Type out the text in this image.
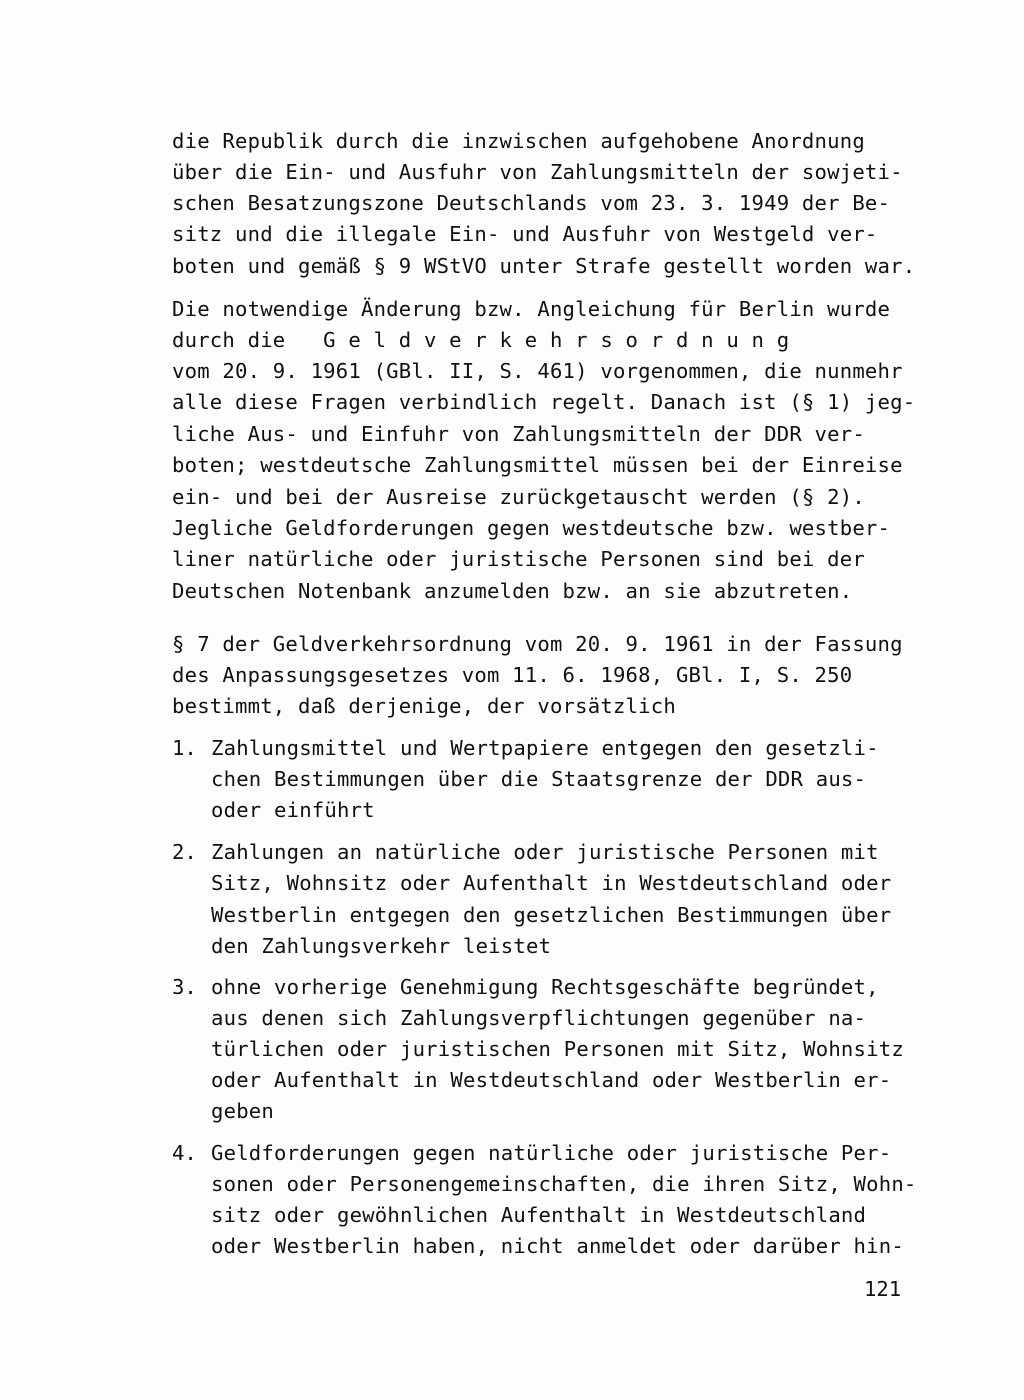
die Republik durch die inzwischen aufgehobene Anordnung
über die Ein- und Ausfuhr von Zahlungsmitteln der sowjeti-
schen Besatzungszone Deutschlands vom 23. 3. 1949 der Be-
sitz und die illegale Ein- und Ausfuhr von Westgeld ver-
boten und gemäß § 9 WStVO unter Strafe gestellt worden war.
Die notwendige Änderung bzw. Angleichung für Berlin wurde
durch die   G e l d v e r k e h r s o r d n u n g
vom 20. 9. 1961 (GBl. II, S. 461) vorgenommen, die nunmehr
alle diese Fragen verbindlich regelt. Danach ist (§ 1) jeg-
liche Aus- und Einfuhr von Zahlungsmitteln der DDR ver-
boten; westdeutsche Zahlungsmittel müssen bei der Einreise
ein- und bei der Ausreise zurückgetauscht werden (§ 2).
Jegliche Geldforderungen gegen westdeutsche bzw. westber-
liner natürliche oder juristische Personen sind bei der
Deutschen Notenbank anzumelden bzw. an sie abzutreten.
§ 7 der Geldverkehrsordnung vom 20. 9. 1961 in der Fassung
des Anpassungsgesetzes vom 11. 6. 1968, GBl. I, S. 250
bestimmt, daß derjenige, der vorsätzlich
1. Zahlungsmittel und Wertpapiere entgegen den gesetzli-
chen Bestimmungen über die Staatsgrenze der DDR aus-
oder einführt
2. Zahlungen an natürliche oder juristische Personen mit
Sitz, Wohnsitz oder Aufenthalt in Westdeutschland oder
Westberlin entgegen den gesetzlichen Bestimmungen über
den Zahlungsverkehr leistet
3. ohne vorherige Genehmigung Rechtsgeschäfte begründet,
aus denen sich Zahlungsverpflichtungen gegenüber na-
türlichen oder juristischen Personen mit Sitz, Wohnsitz
oder Aufenthalt in Westdeutschland oder Westberlin er-
geben
4. Geldforderungen gegen natürliche oder juristische Per-
sonen oder Personengemeinschaften, die ihren Sitz, Wohn-
sitz oder gewöhnlichen Aufenthalt in Westdeutschland
oder Westberlin haben, nicht anmeldet oder darüber hin-
121
